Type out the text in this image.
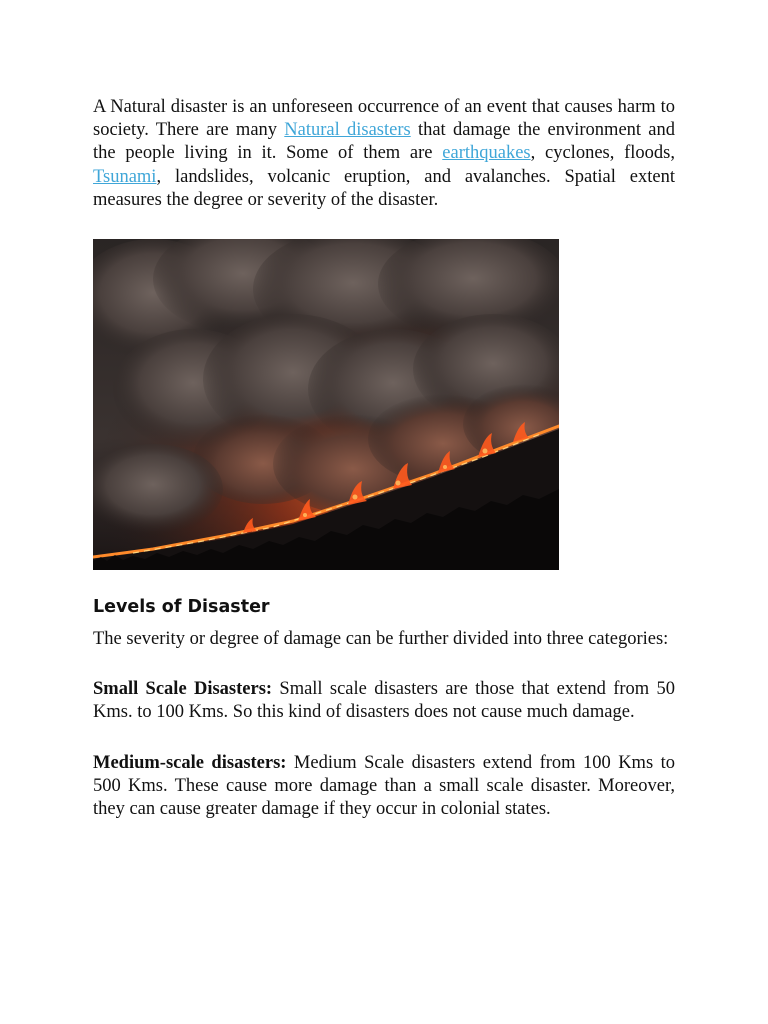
A Natural disaster is an unforeseen occurrence of an event that causes harm to society. There are many Natural disasters that damage the environment and the people living in it. Some of them are earthquakes, cyclones, floods, Tsunami, landslides, volcanic eruption, and avalanches. Spatial extent measures the degree or severity of the disaster.

Levels of Disaster

The severity or degree of damage can be further divided into three categories:

Small Scale Disasters: Small scale disasters are those that extend from 50 Kms. to 100 Kms. So this kind of disasters does not cause much damage.

Medium-scale disasters: Medium Scale disasters extend from 100 Kms to 500 Kms. These cause more damage than a small scale disaster. Moreover, they can cause greater damage if they occur in colonial states.
